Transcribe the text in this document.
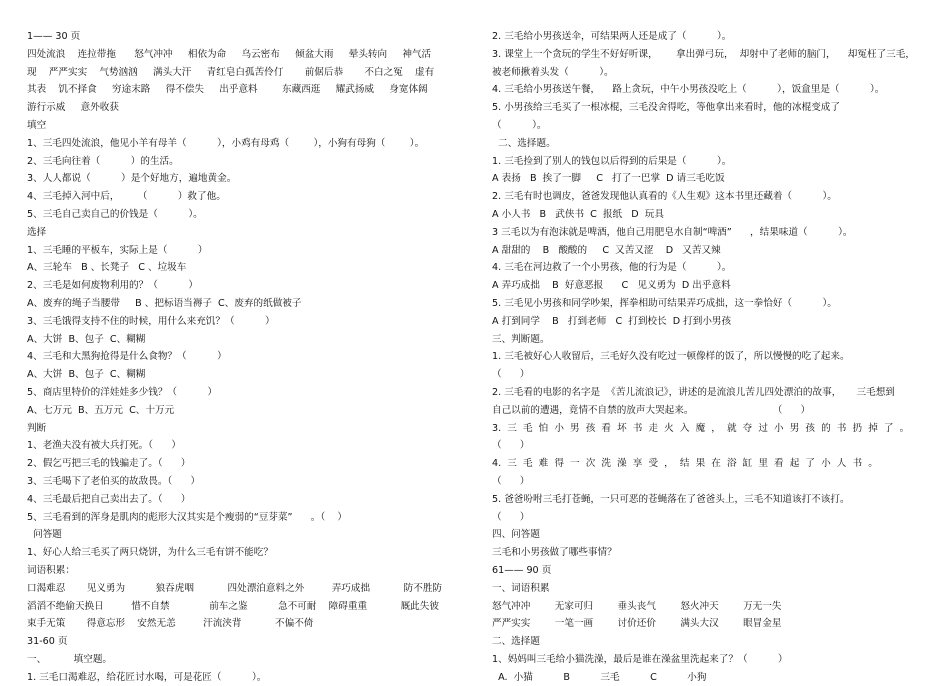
1—— 30 页
四处流浪    连拉带拖      怒气冲冲     相依为命     乌云密布     倾盆大雨     晕头转向     神气活
现    严严实实    气势汹汹     满头大汗     青红皂白孤苦伶仃       前倨后恭       不白之冤    虚有
其表    饥不择食     穷途末路     得不偿失     出乎意料        东藏西逛     耀武扬威     身宽体阔
游行示威     意外收获
填空
1、三毛四处流浪，他见小羊有母羊（          ），小鸡有母鸡（        ），小狗有母狗（        ）。
2、三毛向往着（          ）的生活。
3、人人都说（          ）是个好地方，遍地黄金。
4、三毛掉入河中后，      （          ）救了他。
5、三毛自己卖自己的价钱是（          ）。
选择
1、三毛睡的平板车，实际上是（          ）
A、三轮车   B 、长凳子   C 、垃圾车
2、三毛是如何废物利用的？（          ）
A、废弃的绳子当腰带     B 、把标语当褥子  C、废弃的纸做被子
3、三毛饿得支持不住的时候，用什么来充饥？（          ）
A、大饼  B、包子  C、糊糊
4、三毛和大黑狗抢得是什么食物？（          ）
A、大饼  B、包子  C、糊糊
5、商店里特价的洋娃娃多少钱？（          ）
A、七万元  B、五万元  C、十万元
判断
1、老渔夫没有被大兵打死。（      ）
2、假乞丐把三毛的钱骗走了。（      ）
3、三毛喝下了老伯买的故敌畏。（      ）
4、三毛最后把自己卖出去了。（      ）
5、三毛看到的浑身是肌肉的彪形大汉其实是个瘦弱的“豆芽菜”      。（    ）
问答题
1、好心人给三毛买了两只烧饼，为什么三毛有饼不能吃？
词语积累：
口渴难忍       见义勇为          狼吞虎咽           四处漂泊意料之外         弄巧成拙           防不胜防
滔滔不绝偷天换日         惜不自禁             前车之鉴          急不可耐    障碍重重           厩此失彼
束手无策       得意忘形    安然无恙         汗流浃背           不偏不倚
31-60 页
一、         填空题。
1. 三毛口渴难忍，给花匠讨水喝，可是花匠（          ）。
2. 三毛给小男孩送伞，可结果两人还是成了（          ）。
3. 课堂上一个贪玩的学生不好好听课，      拿出弹弓玩，  却射中了老师的脑门，    却冤枉了三毛，
被老师揪着头发（          ）。
4. 三毛给小男孩送午餐，    路上贪玩，中午小男孩没吃上（          ），饭盒里是（          ）。
5. 小男孩给三毛买了一根冰棍，三毛没舍得吃，等他拿出来看时，他的冰棍变成了
（          ）。
二、选择题。
1. 三毛捡到了别人的钱包以后得到的后果是（          ）。
A 表扬   B  挨了一脚     C   打了一巴掌  D 请三毛吃饭
2. 三毛有时也调皮，爸爸发现他认真看的《人生观》这本书里还藏着（          ）。
A 小人书   B   武侠书  C  报纸   D  玩具
3 三毛以为有泡沫就是啤酒，他自己用肥皂水自制“啤酒”      ，结果味道（          ）。
A 甜甜的    B   酸酸的     C  又苦又涩    D   又苦又辣
4. 三毛在河边救了一个小男孩，他的行为是（          ）。
A 弄巧成拙    B  好意恶报      C   见义勇为  D 出乎意料
5. 三毛见小男孩和同学吵架，挥拳相助可结果弄巧成拙，这一拳恰好（          ）。
A 打到同学    B   打到老师   C  打到校长  D 打到小男孩
三、判断题。
1. 三毛被好心人收留后，三毛好久没有吃过一顿像样的饭了，所以慢慢的吃了起来。
（      ）
2. 三毛看的电影的名字是  《苦儿流浪记》，讲述的是流浪儿苦儿四处漂泊的故事，     三毛想到
自己以前的遭遇，竟情不自禁的放声大哭起来。                          （      ）
3.  三  毛  怕  小  男  孩  看  坏  书  走  火  入  魔  ，  就  夺  过  小  男  孩  的  书  扔  掉  了  。
（      ）
4.  三  毛  难  得  一  次  洗  澡  享  受  ，  结  果  在  浴  缸  里  看  起  了  小  人  书  。
（      ）
5. 爸爸吩咐三毛打苍蝇，一只可恶的苍蝇落在了爸爸头上，三毛不知道该打不该打。
（      ）
四、问答题
三毛和小男孩做了哪些事情？
61—— 90 页
一、词语积累
怒气冲冲        无家可归        垂头丧气        怒火冲天        万无一失
严严实实        一笔一画        讨价还价        满头大汉        眼冒金星
二、选择题
1、妈妈叫三毛给小猫洗澡，最后是谁在澡盆里洗起来了？（          ）
A.  小猫          B          三毛          C          小狗
